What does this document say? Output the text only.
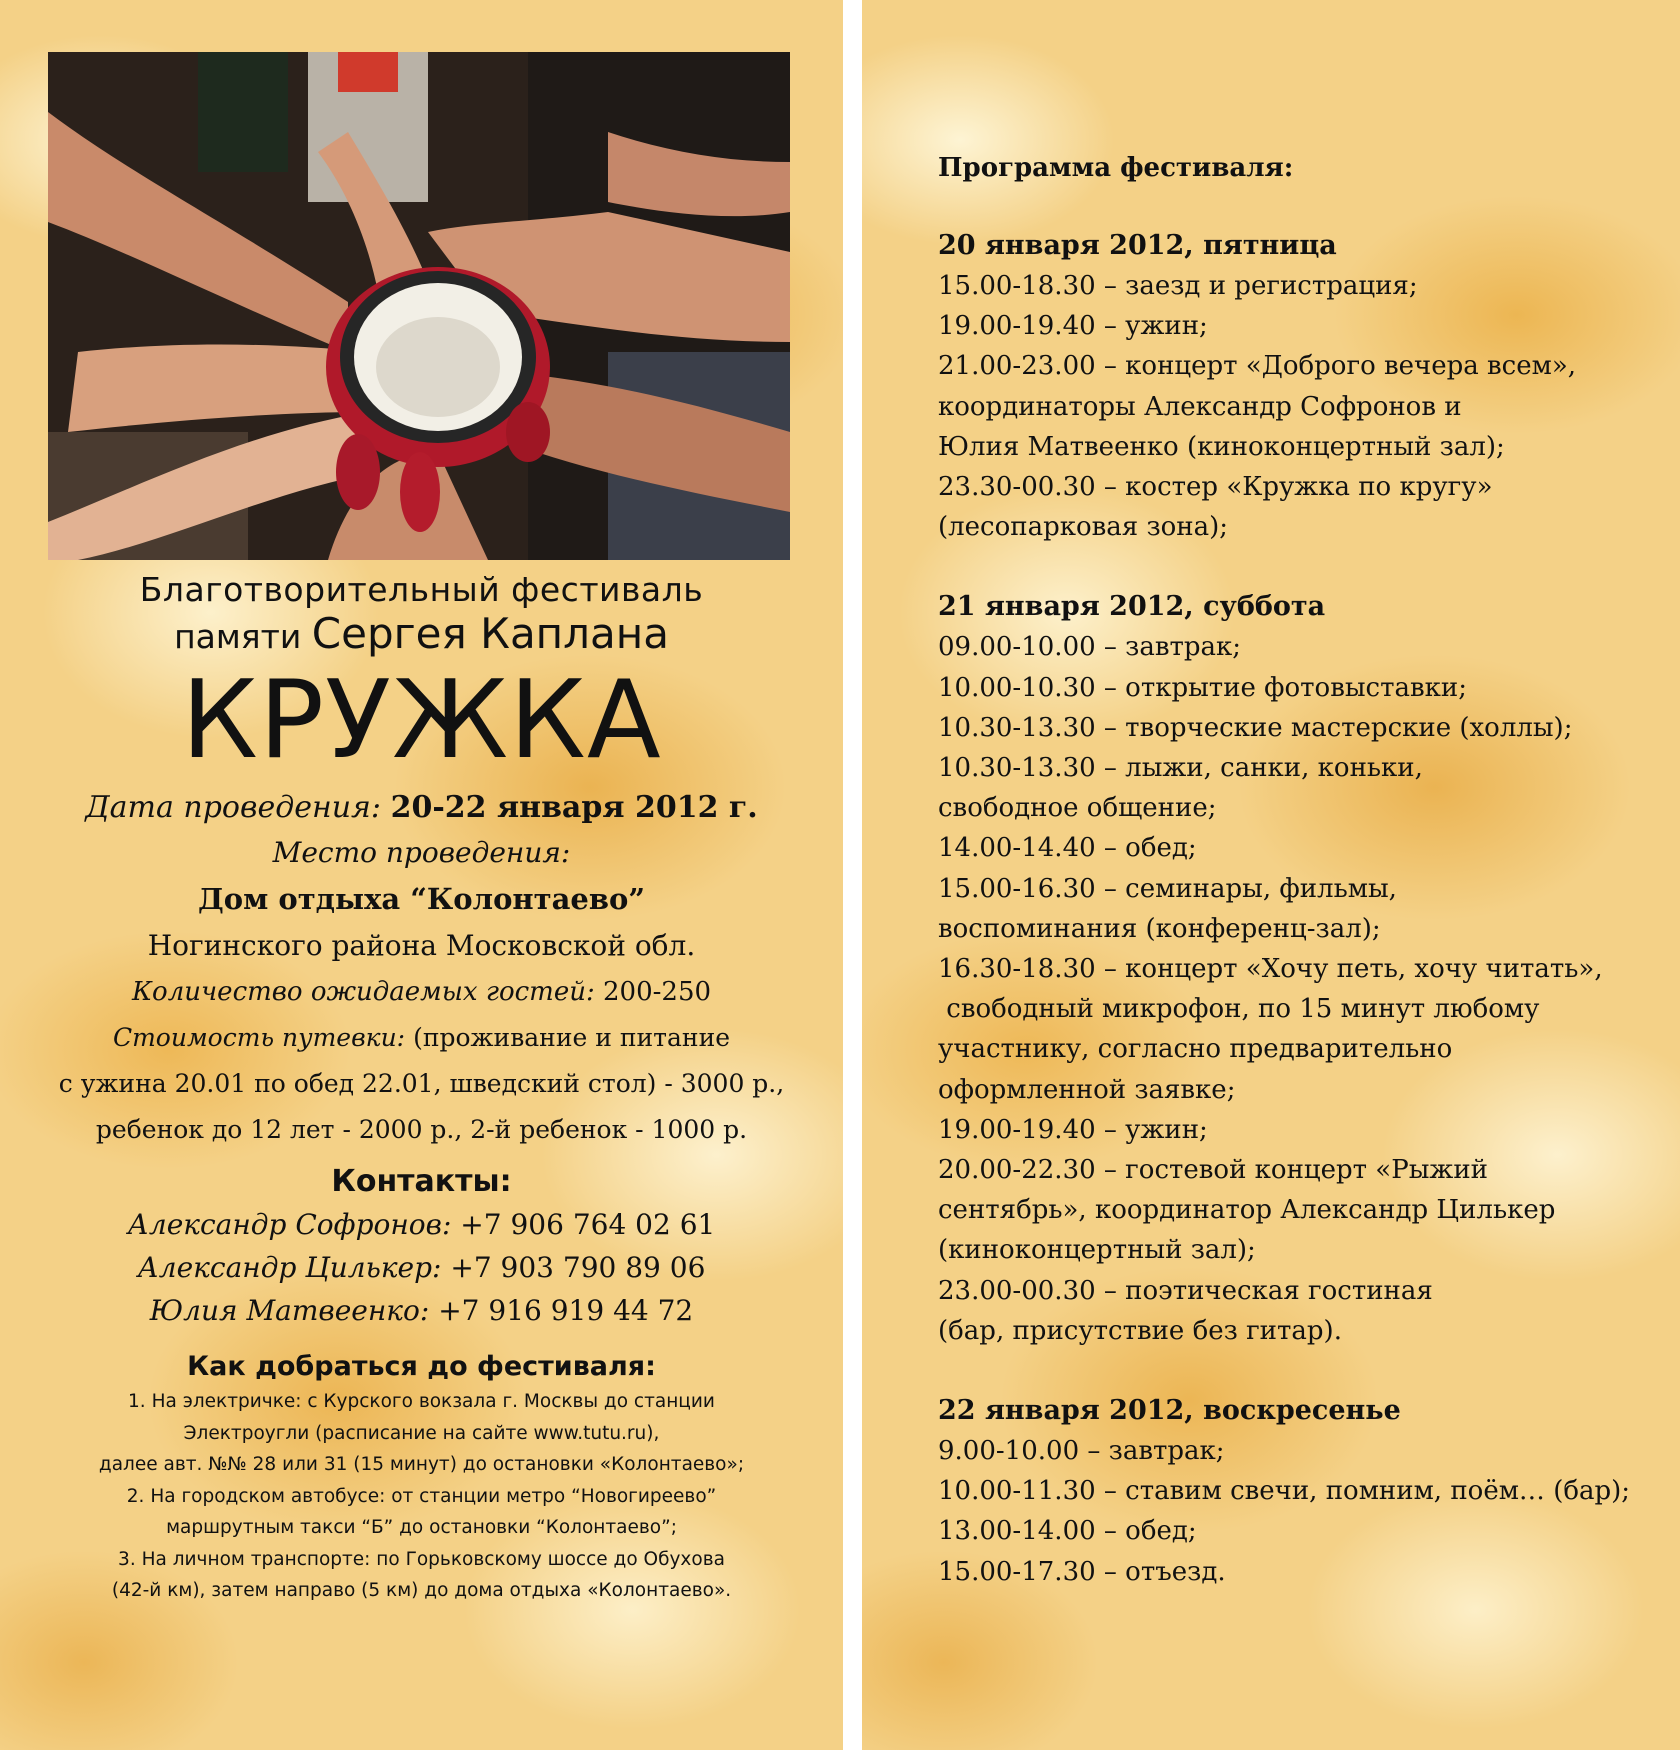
Благотворительный фестиваль
памяти Сергея Каплана
КРУЖКА
Дата проведения: 20-22 января 2012 г.
Место проведения:
Дом отдыха “Колонтаево”
Ногинского района Московской обл.
Количество ожидаемых гостей: 200-250
Стоимость путевки: (проживание и питание
с ужина 20.01 по обед 22.01, шведский стол) - 3000 р.,
ребенок до 12 лет - 2000 р., 2-й ребенок - 1000 р.
Контакты:
Александр Софронов: +7 906 764 02 61
Александр Цилькер: +7 903 790 89 06
Юлия Матвеенко: +7 916 919 44 72
Как добраться до фестиваля:
1. На электричке: с Курского вокзала г. Москвы до станции
Электроугли (расписание на сайте www.tutu.ru),
далее авт. №№ 28 или 31 (15 минут) до остановки «Колонтаево»;
2. На городском автобусе: от станции метро “Новогиреево”
маршрутным такси “Б” до остановки “Колонтаево”;
3. На личном транспорте: по Горьковскому шоссе до Обухова
(42-й км), затем направо (5 км) до дома отдыха «Колонтаево».
Программа фестиваля:
20 января 2012, пятница
15.00-18.30 – заезд и регистрация;
19.00-19.40 – ужин;
21.00-23.00 – концерт «Доброго вечера всем»,
координаторы Александр Софронов и
Юлия Матвеенко (киноконцертный зал);
23.30-00.30 – костер «Кружка по кругу»
(лесопарковая зона);
21 января 2012, суббота
09.00-10.00 – завтрак;
10.00-10.30 – открытие фотовыставки;
10.30-13.30 – творческие мастерские (холлы);
10.30-13.30 – лыжи, санки, коньки,
свободное общение;
14.00-14.40 – обед;
15.00-16.30 – семинары, фильмы,
воспоминания (конференц-зал);
16.30-18.30 – концерт «Хочу петь, хочу читать»,
свободный микрофон, по 15 минут любому
участнику, согласно предварительно
оформленной заявке;
19.00-19.40 – ужин;
20.00-22.30 – гостевой концерт «Рыжий
сентябрь», координатор Александр Цилькер
(киноконцертный зал);
23.00-00.30 – поэтическая гостиная
(бар, присутствие без гитар).
22 января 2012, воскресенье
9.00-10.00 – завтрак;
10.00-11.30 – ставим свечи, помним, поём… (бар);
13.00-14.00 – обед;
15.00-17.30 – отъезд.
